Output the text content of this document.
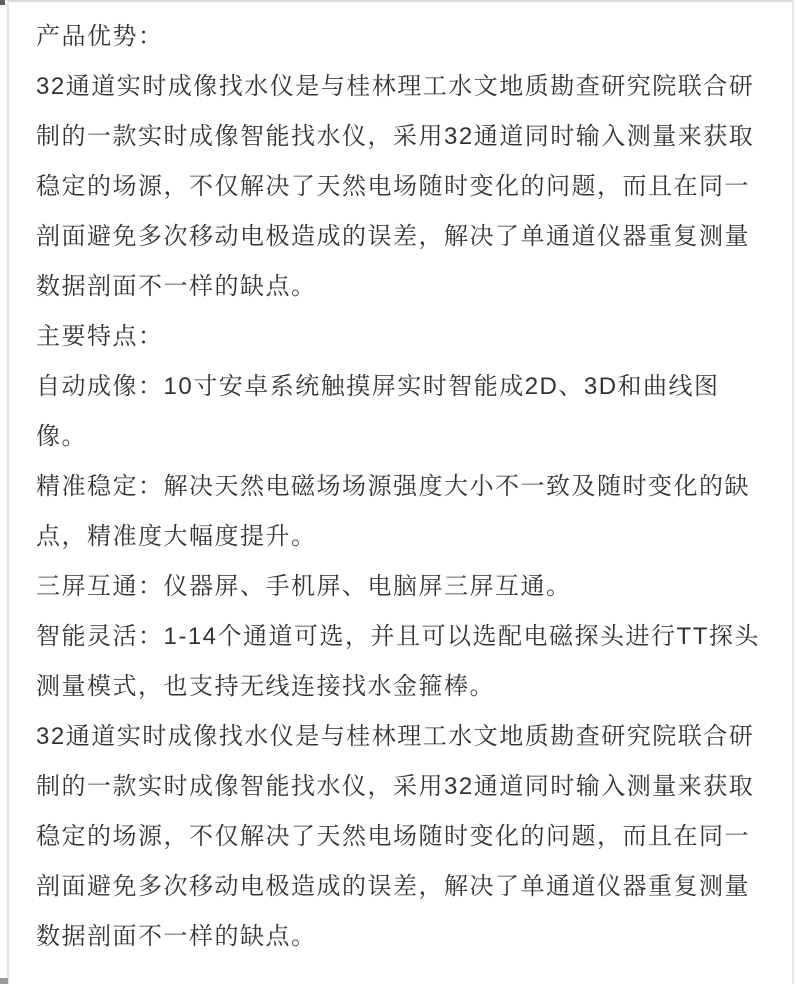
产品优势：
32通道实时成像找水仪是与桂林理工水文地质勘查研究院联合研
制的一款实时成像智能找水仪，采用32通道同时输入测量来获取
稳定的场源，不仅解决了天然电场随时变化的问题，而且在同一
剖面避免多次移动电极造成的误差，解决了单通道仪器重复测量
数据剖面不一样的缺点。
主要特点：
自动成像：10寸安卓系统触摸屏实时智能成2D、3D和曲线图
像。
精准稳定：解决天然电磁场场源强度大小不一致及随时变化的缺
点，精准度大幅度提升。
三屏互通：仪器屏、手机屏、电脑屏三屏互通。
智能灵活：1-14个通道可选，并且可以选配电磁探头进行TT探头
测量模式，也支持无线连接找水金箍棒。
32通道实时成像找水仪是与桂林理工水文地质勘查研究院联合研
制的一款实时成像智能找水仪，采用32通道同时输入测量来获取
稳定的场源，不仅解决了天然电场随时变化的问题，而且在同一
剖面避免多次移动电极造成的误差，解决了单通道仪器重复测量
数据剖面不一样的缺点。
